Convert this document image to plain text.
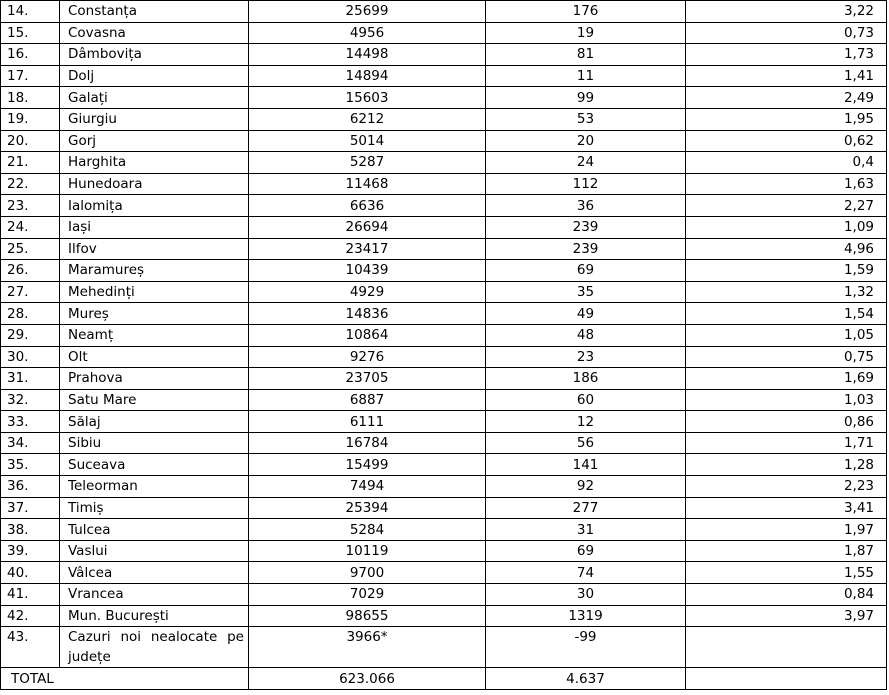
14.	Constanța	25699	176	3,22
15.	Covasna	4956	19	0,73
16.	Dâmbovița	14498	81	1,73
17.	Dolj	14894	11	1,41
18.	Galați	15603	99	2,49
19.	Giurgiu	6212	53	1,95
20.	Gorj	5014	20	0,62
21.	Harghita	5287	24	0,4
22.	Hunedoara	11468	112	1,63
23.	Ialomița	6636	36	2,27
24.	Iași	26694	239	1,09
25.	Ilfov	23417	239	4,96
26.	Maramureș	10439	69	1,59
27.	Mehedinți	4929	35	1,32
28.	Mureș	14836	49	1,54
29.	Neamț	10864	48	1,05
30.	Olt	9276	23	0,75
31.	Prahova	23705	186	1,69
32.	Satu Mare	6887	60	1,03
33.	Sălaj	6111	12	0,86
34.	Sibiu	16784	56	1,71
35.	Suceava	15499	141	1,28
36.	Teleorman	7494	92	2,23
37.	Timiș	25394	277	3,41
38.	Tulcea	5284	31	1,97
39.	Vaslui	10119	69	1,87
40.	Vâlcea	9700	74	1,55
41.	Vrancea	7029	30	0,84
42.	Mun. București	98655	1319	3,97
43.	Cazuri noi nealocate pe județe	3966*	-99	
TOTAL		623.066	4.637	
